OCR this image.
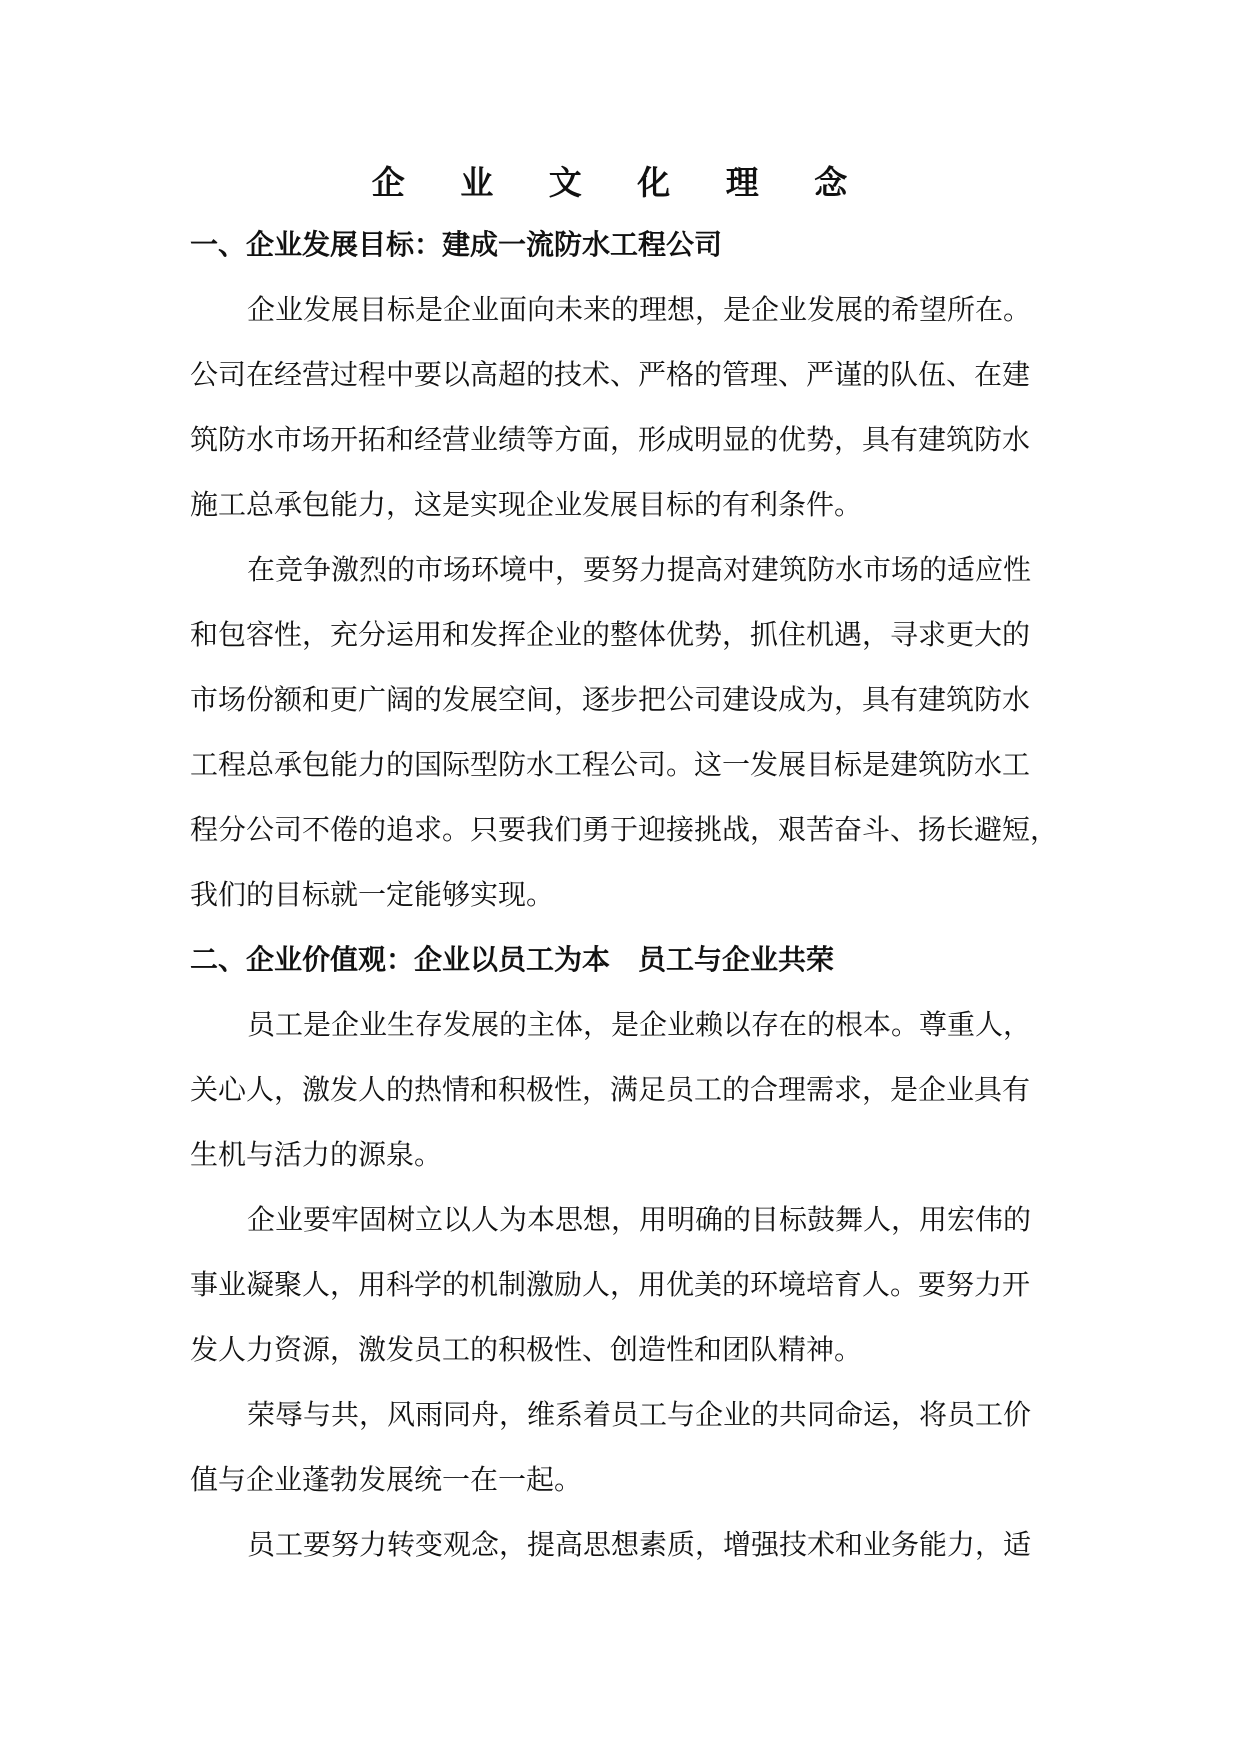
企 业 文 化 理 念
一、企业发展目标：建成一流防水工程公司
企业发展目标是企业面向未来的理想，是企业发展的希望所在。
公司在经营过程中要以高超的技术、严格的管理、严谨的队伍、在建
筑防水市场开拓和经营业绩等方面，形成明显的优势，具有建筑防水
施工总承包能力，这是实现企业发展目标的有利条件。
在竞争激烈的市场环境中，要努力提高对建筑防水市场的适应性
和包容性，充分运用和发挥企业的整体优势，抓住机遇，寻求更大的
市场份额和更广阔的发展空间，逐步把公司建设成为，具有建筑防水
工程总承包能力的国际型防水工程公司。这一发展目标是建筑防水工
程分公司不倦的追求。只要我们勇于迎接挑战，艰苦奋斗、扬长避短，
我们的目标就一定能够实现。
二、企业价值观：企业以员工为本　员工与企业共荣
员工是企业生存发展的主体，是企业赖以存在的根本。尊重人，
关心人，激发人的热情和积极性，满足员工的合理需求，是企业具有
生机与活力的源泉。
企业要牢固树立以人为本思想，用明确的目标鼓舞人，用宏伟的
事业凝聚人，用科学的机制激励人，用优美的环境培育人。要努力开
发人力资源，激发员工的积极性、创造性和团队精神。
荣辱与共，风雨同舟，维系着员工与企业的共同命运，将员工价
值与企业蓬勃发展统一在一起。
员工要努力转变观念，提高思想素质，增强技术和业务能力，适
